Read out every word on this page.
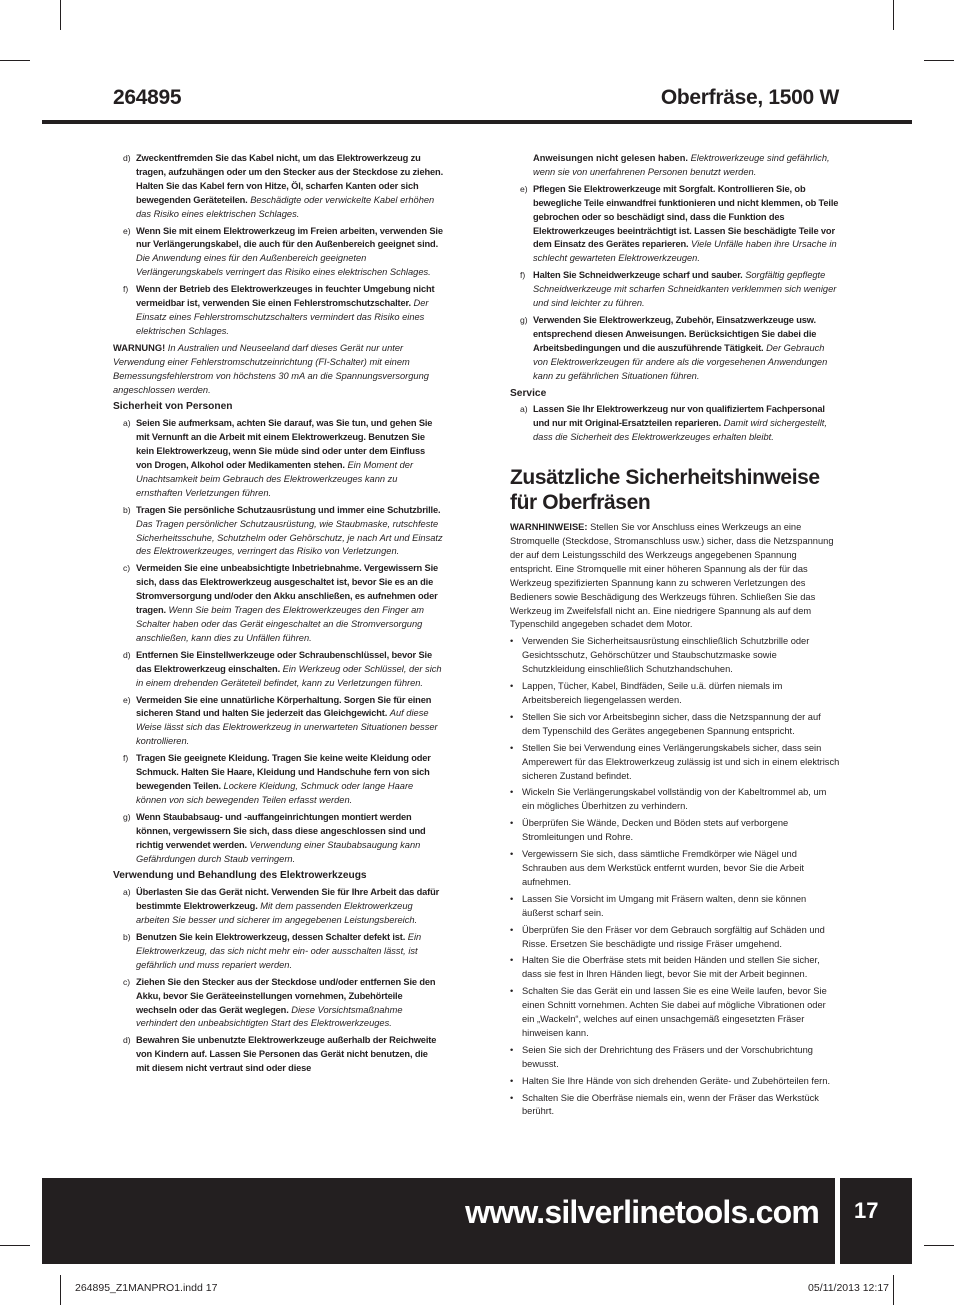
264895	Oberfräse, 1500 W
d) Zweckentfremden Sie das Kabel nicht, um das Elektrowerkzeug zu tragen, aufzuhängen oder um den Stecker aus der Steckdose zu ziehen. Halten Sie das Kabel fern von Hitze, Öl, scharfen Kanten oder sich bewegenden Geräteteilen. Beschädigte oder verwickelte Kabel erhöhen das Risiko eines elektrischen Schlages.
e) Wenn Sie mit einem Elektrowerkzeug im Freien arbeiten, verwenden Sie nur Verlängerungskabel, die auch für den Außenbereich geeignet sind. Die Anwendung eines für den Außenbereich geeigneten Verlängerungskabels verringert das Risiko eines elektrischen Schlages.
f) Wenn der Betrieb des Elektrowerkzeuges in feuchter Umgebung nicht vermeidbar ist, verwenden Sie einen Fehlerstromschutzschalter. Der Einsatz eines Fehlerstromschutzschalters vermindert das Risiko eines elektrischen Schlages.
WARNUNG! In Australien und Neuseeland darf dieses Gerät nur unter Verwendung einer Fehlerstromschutzeinrichtung (FI-Schalter) mit einem Bemessungsfehlerstrom von höchstens 30 mA an die Spannungsversorgung angeschlossen werden.
Sicherheit von Personen
a) Seien Sie aufmerksam, achten Sie darauf, was Sie tun, und gehen Sie mit Vernunft an die Arbeit mit einem Elektrowerkzeug. Benutzen Sie kein Elektrowerkzeug, wenn Sie müde sind oder unter dem Einfluss von Drogen, Alkohol oder Medikamenten stehen. Ein Moment der Unachtsamkeit beim Gebrauch des Elektrowerkzeuges kann zu ernsthaften Verletzungen führen.
b) Tragen Sie persönliche Schutzausrüstung und immer eine Schutzbrille. Das Tragen persönlicher Schutzausrüstung, wie Staubmaske, rutschfeste Sicherheitsschuhe, Schutzhelm oder Gehörschutz, je nach Art und Einsatz des Elektrowerkzeuges, verringert das Risiko von Verletzungen.
c) Vermeiden Sie eine unbeabsichtigte Inbetriebnahme. Vergewissern Sie sich, dass das Elektrowerkzeug ausgeschaltet ist, bevor Sie es an die Stromversorgung und/oder den Akku anschließen, es aufnehmen oder tragen. Wenn Sie beim Tragen des Elektrowerkzeuges den Finger am Schalter haben oder das Gerät eingeschaltet an die Stromversorgung anschließen, kann dies zu Unfällen führen.
d) Entfernen Sie Einstellwerkzeuge oder Schraubenschlüssel, bevor Sie das Elektrowerkzeug einschalten. Ein Werkzeug oder Schlüssel, der sich in einem drehenden Geräteteil befindet, kann zu Verletzungen führen.
e) Vermeiden Sie eine unnatürliche Körperhaltung. Sorgen Sie für einen sicheren Stand und halten Sie jederzeit das Gleichgewicht. Auf diese Weise lässt sich das Elektrowerkzeug in unerwarteten Situationen besser kontrollieren.
f) Tragen Sie geeignete Kleidung. Tragen Sie keine weite Kleidung oder Schmuck. Halten Sie Haare, Kleidung und Handschuhe fern von sich bewegenden Teilen. Lockere Kleidung, Schmuck oder lange Haare können von sich bewegenden Teilen erfasst werden.
g) Wenn Staubabsaug- und -auffangeinrichtungen montiert werden können, vergewissern Sie sich, dass diese angeschlossen sind und richtig verwendet werden. Verwendung einer Staubabsaugung kann Gefährdungen durch Staub verringern.
Verwendung und Behandlung des Elektrowerkzeugs
a) Überlasten Sie das Gerät nicht. Verwenden Sie für Ihre Arbeit das dafür bestimmte Elektrowerkzeug. Mit dem passenden Elektrowerkzeug arbeiten Sie besser und sicherer im angegebenen Leistungsbereich.
b) Benutzen Sie kein Elektrowerkzeug, dessen Schalter defekt ist. Ein Elektrowerkzeug, das sich nicht mehr ein- oder ausschalten lässt, ist gefährlich und muss repariert werden.
c) Ziehen Sie den Stecker aus der Steckdose und/oder entfernen Sie den Akku, bevor Sie Geräteeinstellungen vornehmen, Zubehörteile wechseln oder das Gerät weglegen. Diese Vorsichtsmaßnahme verhindert den unbeabsichtigten Start des Elektrowerkzeuges.
d) Bewahren Sie unbenutzte Elektrowerkzeuge außerhalb der Reichweite von Kindern auf. Lassen Sie Personen das Gerät nicht benutzen, die mit diesem nicht vertraut sind oder diese
Anweisungen nicht gelesen haben. Elektrowerkzeuge sind gefährlich, wenn sie von unerfahrenen Personen benutzt werden.
e) Pflegen Sie Elektrowerkzeuge mit Sorgfalt. Kontrollieren Sie, ob bewegliche Teile einwandfrei funktionieren und nicht klemmen, ob Teile gebrochen oder so beschädigt sind, dass die Funktion des Elektrowerkzeuges beeinträchtigt ist. Lassen Sie beschädigte Teile vor dem Einsatz des Gerätes reparieren. Viele Unfälle haben ihre Ursache in schlecht gewarteten Elektrowerkzeugen.
f) Halten Sie Schneidwerkzeuge scharf und sauber. Sorgfältig gepflegte Schneidwerkzeuge mit scharfen Schneidkanten verklemmen sich weniger und sind leichter zu führen.
g) Verwenden Sie Elektrowerkzeug, Zubehör, Einsatzwerkzeuge usw. entsprechend diesen Anweisungen. Berücksichtigen Sie dabei die Arbeitsbedingungen und die auszuführende Tätigkeit. Der Gebrauch von Elektrowerkzeugen für andere als die vorgesehenen Anwendungen kann zu gefährlichen Situationen führen.
Service
a) Lassen Sie Ihr Elektrowerkzeug nur von qualifiziertem Fachpersonal und nur mit Original-Ersatzteilen reparieren. Damit wird sichergestellt, dass die Sicherheit des Elektrowerkzeuges erhalten bleibt.
Zusätzliche Sicherheitshinweise für Oberfräsen
WARNHINWEISE: Stellen Sie vor Anschluss eines Werkzeugs an eine Stromquelle (Steckdose, Stromanschluss usw.) sicher, dass die Netzspannung der auf dem Leistungsschild des Werkzeugs angegebenen Spannung entspricht. Eine Stromquelle mit einer höheren Spannung als der für das Werkzeug spezifizierten Spannung kann zu schweren Verletzungen des Bedieners sowie Beschädigung des Werkzeugs führen. Schließen Sie das Werkzeug im Zweifelsfall nicht an. Eine niedrigere Spannung als auf dem Typenschild angegeben schadet dem Motor.
• Verwenden Sie Sicherheitsausrüstung einschließlich Schutzbrille oder Gesichtsschutz, Gehörschützer und Staubschutzmaske sowie Schutzkleidung einschließlich Schutzhandschuhen.
• Lappen, Tücher, Kabel, Bindfäden, Seile u.ä. dürfen niemals im Arbeitsbereich liegengelassen werden.
• Stellen Sie sich vor Arbeitsbeginn sicher, dass die Netzspannung der auf dem Typenschild des Gerätes angegebenen Spannung entspricht.
• Stellen Sie bei Verwendung eines Verlängerungskabels sicher, dass sein Amperewert für das Elektrowerkzeug zulässig ist und sich in einem elektrisch sicheren Zustand befindet.
• Wickeln Sie Verlängerungskabel vollständig von der Kabeltrommel ab, um ein mögliches Überhitzen zu verhindern.
• Überprüfen Sie Wände, Decken und Böden stets auf verborgene Stromleitungen und Rohre.
• Vergewissern Sie sich, dass sämtliche Fremdkörper wie Nägel und Schrauben aus dem Werkstück entfernt wurden, bevor Sie die Arbeit aufnehmen.
• Lassen Sie Vorsicht im Umgang mit Fräsern walten, denn sie können äußerst scharf sein.
• Überprüfen Sie den Fräser vor dem Gebrauch sorgfältig auf Schäden und Risse. Ersetzen Sie beschädigte und rissige Fräser umgehend.
• Halten Sie die Oberfräse stets mit beiden Händen und stellen Sie sicher, dass sie fest in Ihren Händen liegt, bevor Sie mit der Arbeit beginnen.
• Schalten Sie das Gerät ein und lassen Sie es eine Weile laufen, bevor Sie einen Schnitt vornehmen. Achten Sie dabei auf mögliche Vibrationen oder ein „Wackeln“, welches auf einen unsachgemäß eingesetzten Fräser hinweisen kann.
• Seien Sie sich der Drehrichtung des Fräsers und der Vorschubrichtung bewusst.
• Halten Sie Ihre Hände von sich drehenden Geräte- und Zubehörteilen fern.
• Schalten Sie die Oberfräse niemals ein, wenn der Fräser das Werkstück berührt.
www.silverlinetools.com 17
264895_Z1MANPRO1.indd 17	05/11/2013 12:17
